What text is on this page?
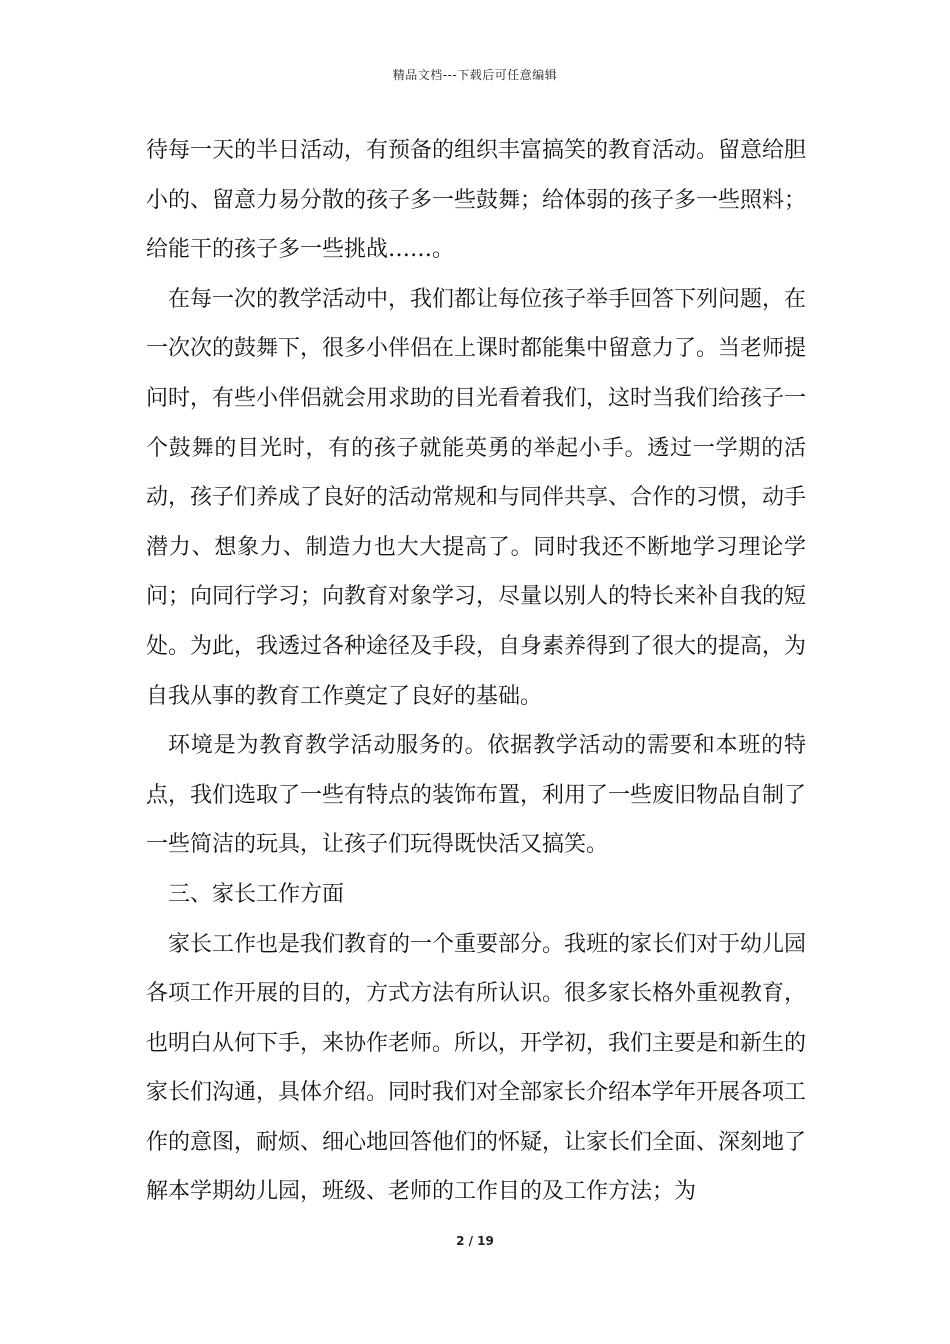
精品文档---下载后可任意编辑

待每一天的半日活动，有预备的组织丰富搞笑的教育活动。留意给胆小的、留意力易分散的孩子多一些鼓舞；给体弱的孩子多一些照料；给能干的孩子多一些挑战……。

在每一次的教学活动中，我们都让每位孩子举手回答下列问题，在一次次的鼓舞下，很多小伴侣在上课时都能集中留意力了。当老师提问时，有些小伴侣就会用求助的目光看着我们，这时当我们给孩子一个鼓舞的目光时，有的孩子就能英勇的举起小手。透过一学期的活动，孩子们养成了良好的活动常规和与同伴共享、合作的习惯，动手潜力、想象力、制造力也大大提高了。同时我还不断地学习理论学问；向同行学习；向教育对象学习，尽量以别人的特长来补自我的短处。为此，我透过各种途径及手段，自身素养得到了很大的提高，为自我从事的教育工作奠定了良好的基础。

环境是为教育教学活动服务的。依据教学活动的需要和本班的特点，我们选取了一些有特点的装饰布置，利用了一些废旧物品自制了一些简洁的玩具，让孩子们玩得既快活又搞笑。

三、家长工作方面

家长工作也是我们教育的一个重要部分。我班的家长们对于幼儿园各项工作开展的目的，方式方法有所认识。很多家长格外重视教育，也明白从何下手，来协作老师。所以，开学初，我们主要是和新生的家长们沟通，具体介绍。同时我们对全部家长介绍本学年开展各项工作的意图，耐烦、细心地回答他们的怀疑，让家长们全面、深刻地了解本学期幼儿园，班级、老师的工作目的及工作方法；为

2 / 19
